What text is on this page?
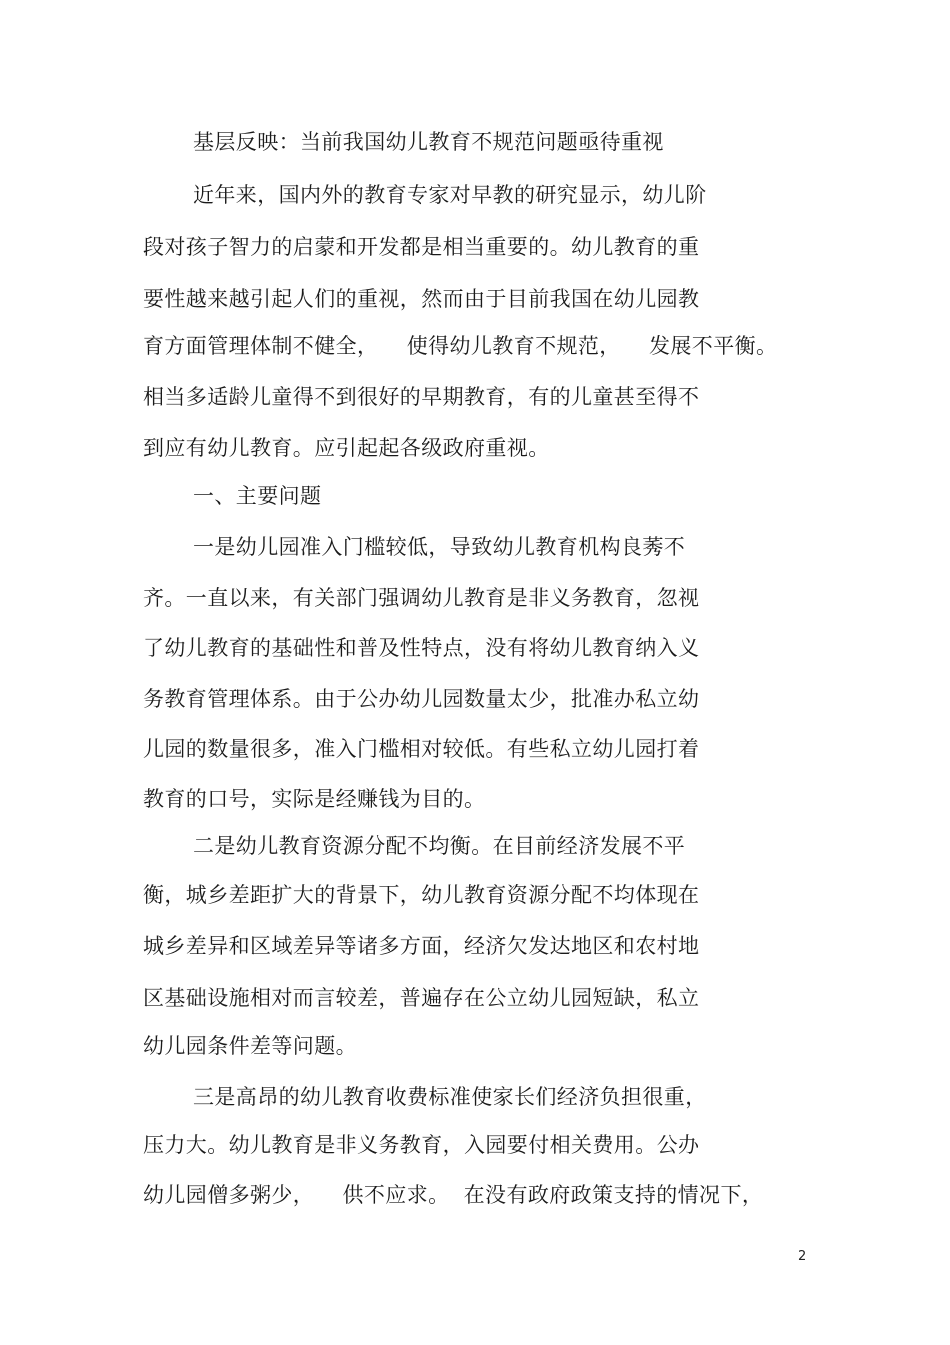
基层反映：当前我国幼儿教育不规范问题亟待重视
近年来，国内外的教育专家对早教的研究显示，幼儿阶
段对孩子智力的启蒙和开发都是相当重要的。幼儿教育的重
要性越来越引起人们的重视，然而由于目前我国在幼儿园教
育方面管理体制不健全，    使得幼儿教育不规范，    发展不平衡。
相当多适龄儿童得不到很好的早期教育，有的儿童甚至得不
到应有幼儿教育。应引起起各级政府重视。
一、主要问题
一是幼儿园准入门槛较低，导致幼儿教育机构良莠不
齐。一直以来，有关部门强调幼儿教育是非义务教育，忽视
了幼儿教育的基础性和普及性特点，没有将幼儿教育纳入义
务教育管理体系。由于公办幼儿园数量太少，批准办私立幼
儿园的数量很多，准入门槛相对较低。有些私立幼儿园打着
教育的口号，实际是经赚钱为目的。
二是幼儿教育资源分配不均衡。在目前经济发展不平
衡，城乡差距扩大的背景下，幼儿教育资源分配不均体现在
城乡差异和区域差异等诸多方面，经济欠发达地区和农村地
区基础设施相对而言较差，普遍存在公立幼儿园短缺，私立
幼儿园条件差等问题。
三是高昂的幼儿教育收费标准使家长们经济负担很重，
压力大。幼儿教育是非义务教育，入园要付相关费用。公办
幼儿园僧多粥少，    供不应求。  在没有政府政策支持的情况下，
2
